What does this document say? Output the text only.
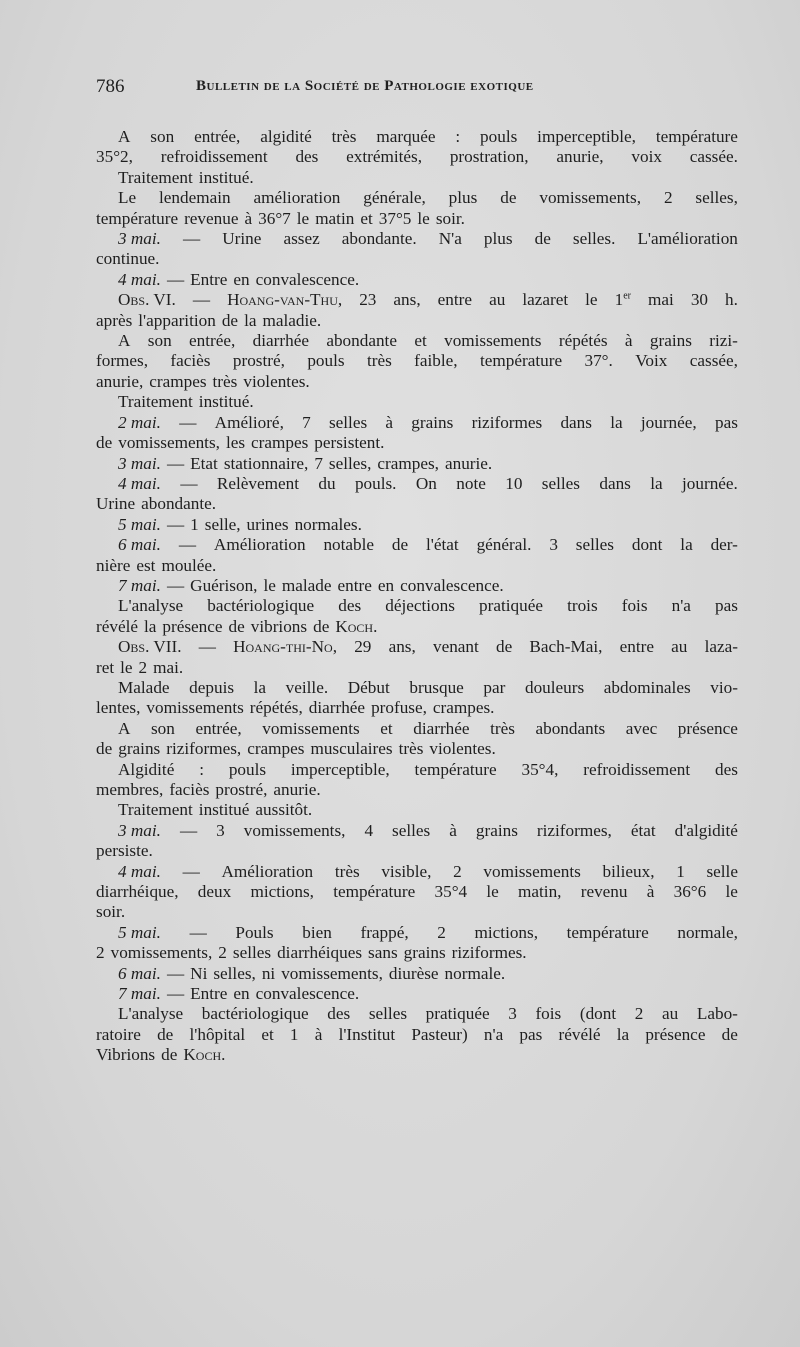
786	Bulletin de la Société de Pathologie exotique
A son entrée, algidité très marquée : pouls imperceptible, température
35°2, refroidissement des extrémités, prostration, anurie, voix cassée.
Traitement institué.
Le lendemain amélioration générale, plus de vomissements, 2 selles,
température revenue à 36°7 le matin et 37°5 le soir.
3 mai. — Urine assez abondante. N'a plus de selles. L'amélioration
continue.
4 mai. — Entre en convalescence.
Obs. VI. — Hoang-van-Thu, 23 ans, entre au lazaret le 1er mai 30 h.
après l'apparition de la maladie.
A son entrée, diarrhée abondante et vomissements répétés à grains rizi-
formes, faciès prostré, pouls très faible, température 37°. Voix cassée,
anurie, crampes très violentes.
Traitement institué.
2 mai. — Amélioré, 7 selles à grains riziformes dans la journée, pas
de vomissements, les crampes persistent.
3 mai. — Etat stationnaire, 7 selles, crampes, anurie.
4 mai. — Relèvement du pouls. On note 10 selles dans la journée.
Urine abondante.
5 mai. — 1 selle, urines normales.
6 mai. — Amélioration notable de l'état général. 3 selles dont la der-
nière est moulée.
7 mai. — Guérison, le malade entre en convalescence.
L'analyse bactériologique des déjections pratiquée trois fois n'a pas
révélé la présence de vibrions de Koch.
Obs. VII. — Hoang-thi-No, 29 ans, venant de Bach-Mai, entre au laza-
ret le 2 mai.
Malade depuis la veille. Début brusque par douleurs abdominales vio-
lentes, vomissements répétés, diarrhée profuse, crampes.
A son entrée, vomissements et diarrhée très abondants avec présence
de grains riziformes, crampes musculaires très violentes.
Algidité : pouls imperceptible, température 35°4, refroidissement des
membres, faciès prostré, anurie.
Traitement institué aussitôt.
3 mai. — 3 vomissements, 4 selles à grains riziformes, état d'algidité
persiste.
4 mai. — Amélioration très visible, 2 vomissements bilieux, 1 selle
diarrhéique, deux mictions, température 35°4 le matin, revenu à 36°6 le
soir.
5 mai. — Pouls bien frappé, 2 mictions, température normale,
2 vomissements, 2 selles diarrhéiques sans grains riziformes.
6 mai. — Ni selles, ni vomissements, diurèse normale.
7 mai. — Entre en convalescence.
L'analyse bactériologique des selles pratiquée 3 fois (dont 2 au Labo-
ratoire de l'hôpital et 1 à l'Institut Pasteur) n'a pas révélé la présence de
Vibrions de Koch.
